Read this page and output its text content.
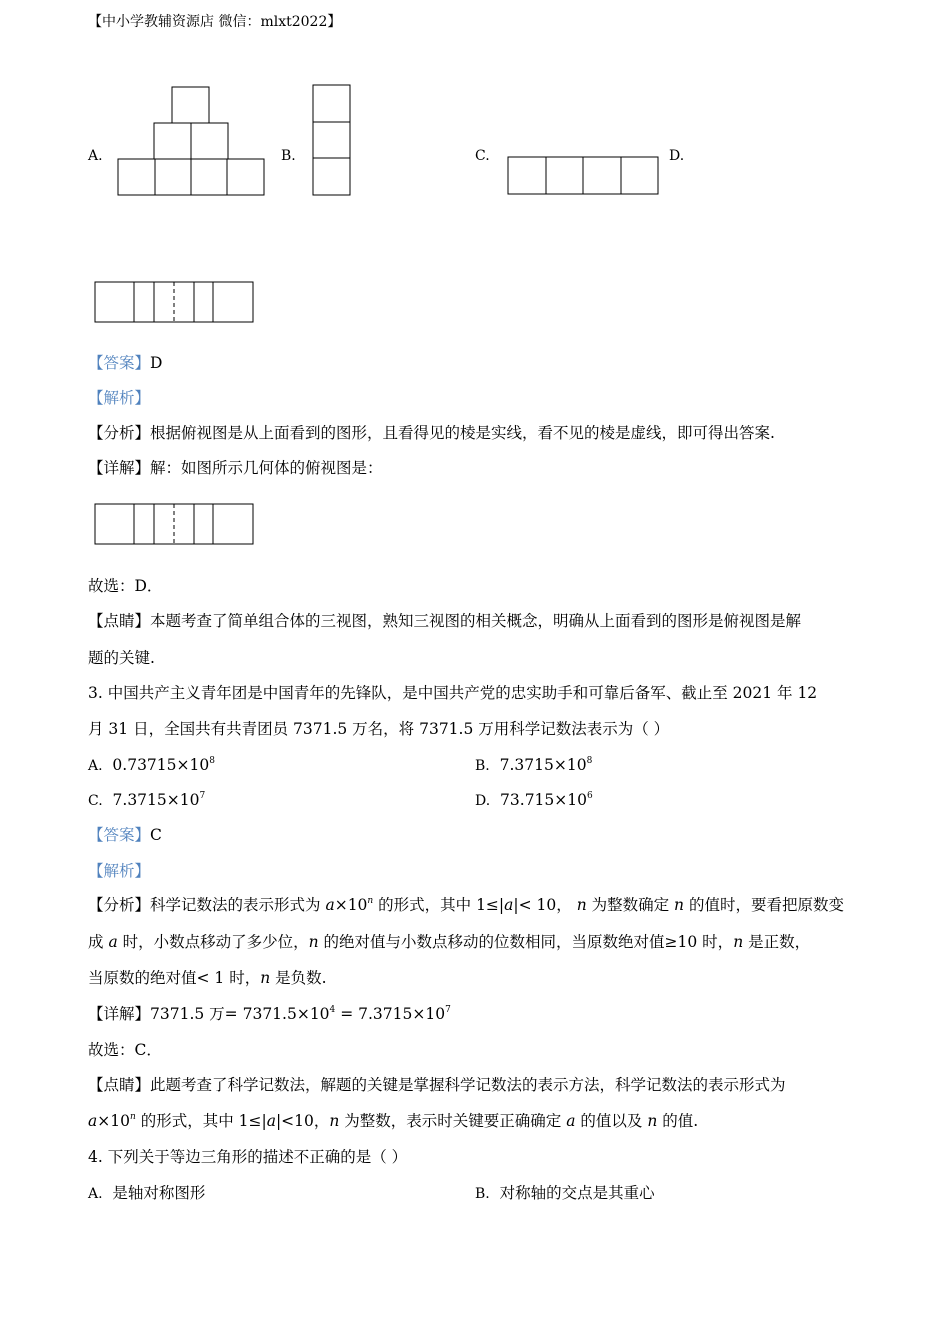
【中小学教辅资源店 微信：mlxt2022】
A.	B.	C.	D.
【答案】D
【解析】
【分析】根据俯视图是从上面看到的图形，且看得见的棱是实线，看不见的棱是虚线，即可得出答案.
【详解】解：如图所示几何体的俯视图是：
故选：D．
【点睛】本题考查了简单组合体的三视图，熟知三视图的相关概念，明确从上面看到的图形是俯视图是解
题的关键.
3. 中国共产主义青年团是中国青年的先锋队，是中国共产党的忠实助手和可靠后备军、截止至 2021 年 12
月 31 日，全国共有共青团员 7371.5 万名，将 7371.5 万用科学记数法表示为（ ）
A. $0.73715\times 10^8$	B. $7.3715\times 10^8$
C. $7.3715\times 10^7$	D. $73.715\times 10^6$
【答案】C
【解析】
【分析】科学记数法的表示形式为 $a\times 10^n$ 的形式，其中 1≤|a|< 10， n 为整数确定 n 的值时，要看把原数变
成 a 时，小数点移动了多少位，n 的绝对值与小数点移动的位数相同，当原数绝对值≥10 时，n 是正数，
当原数的绝对值< 1 时，n 是负数.
【详解】7371.5 万= $7371.5\times 10^4 = 7.3715\times 10^7$
故选：C．
【点睛】此题考查了科学记数法，解题的关键是掌握科学记数法的表示方法，科学记数法的表示形式为
$a\times 10^n$ 的形式，其中 1≤|a|<10，n 为整数，表示时关键要正确确定 a 的值以及 n 的值.
4. 下列关于等边三角形的描述不正确的是（ ）
A. 是轴对称图形	B. 对称轴的交点是其重心
